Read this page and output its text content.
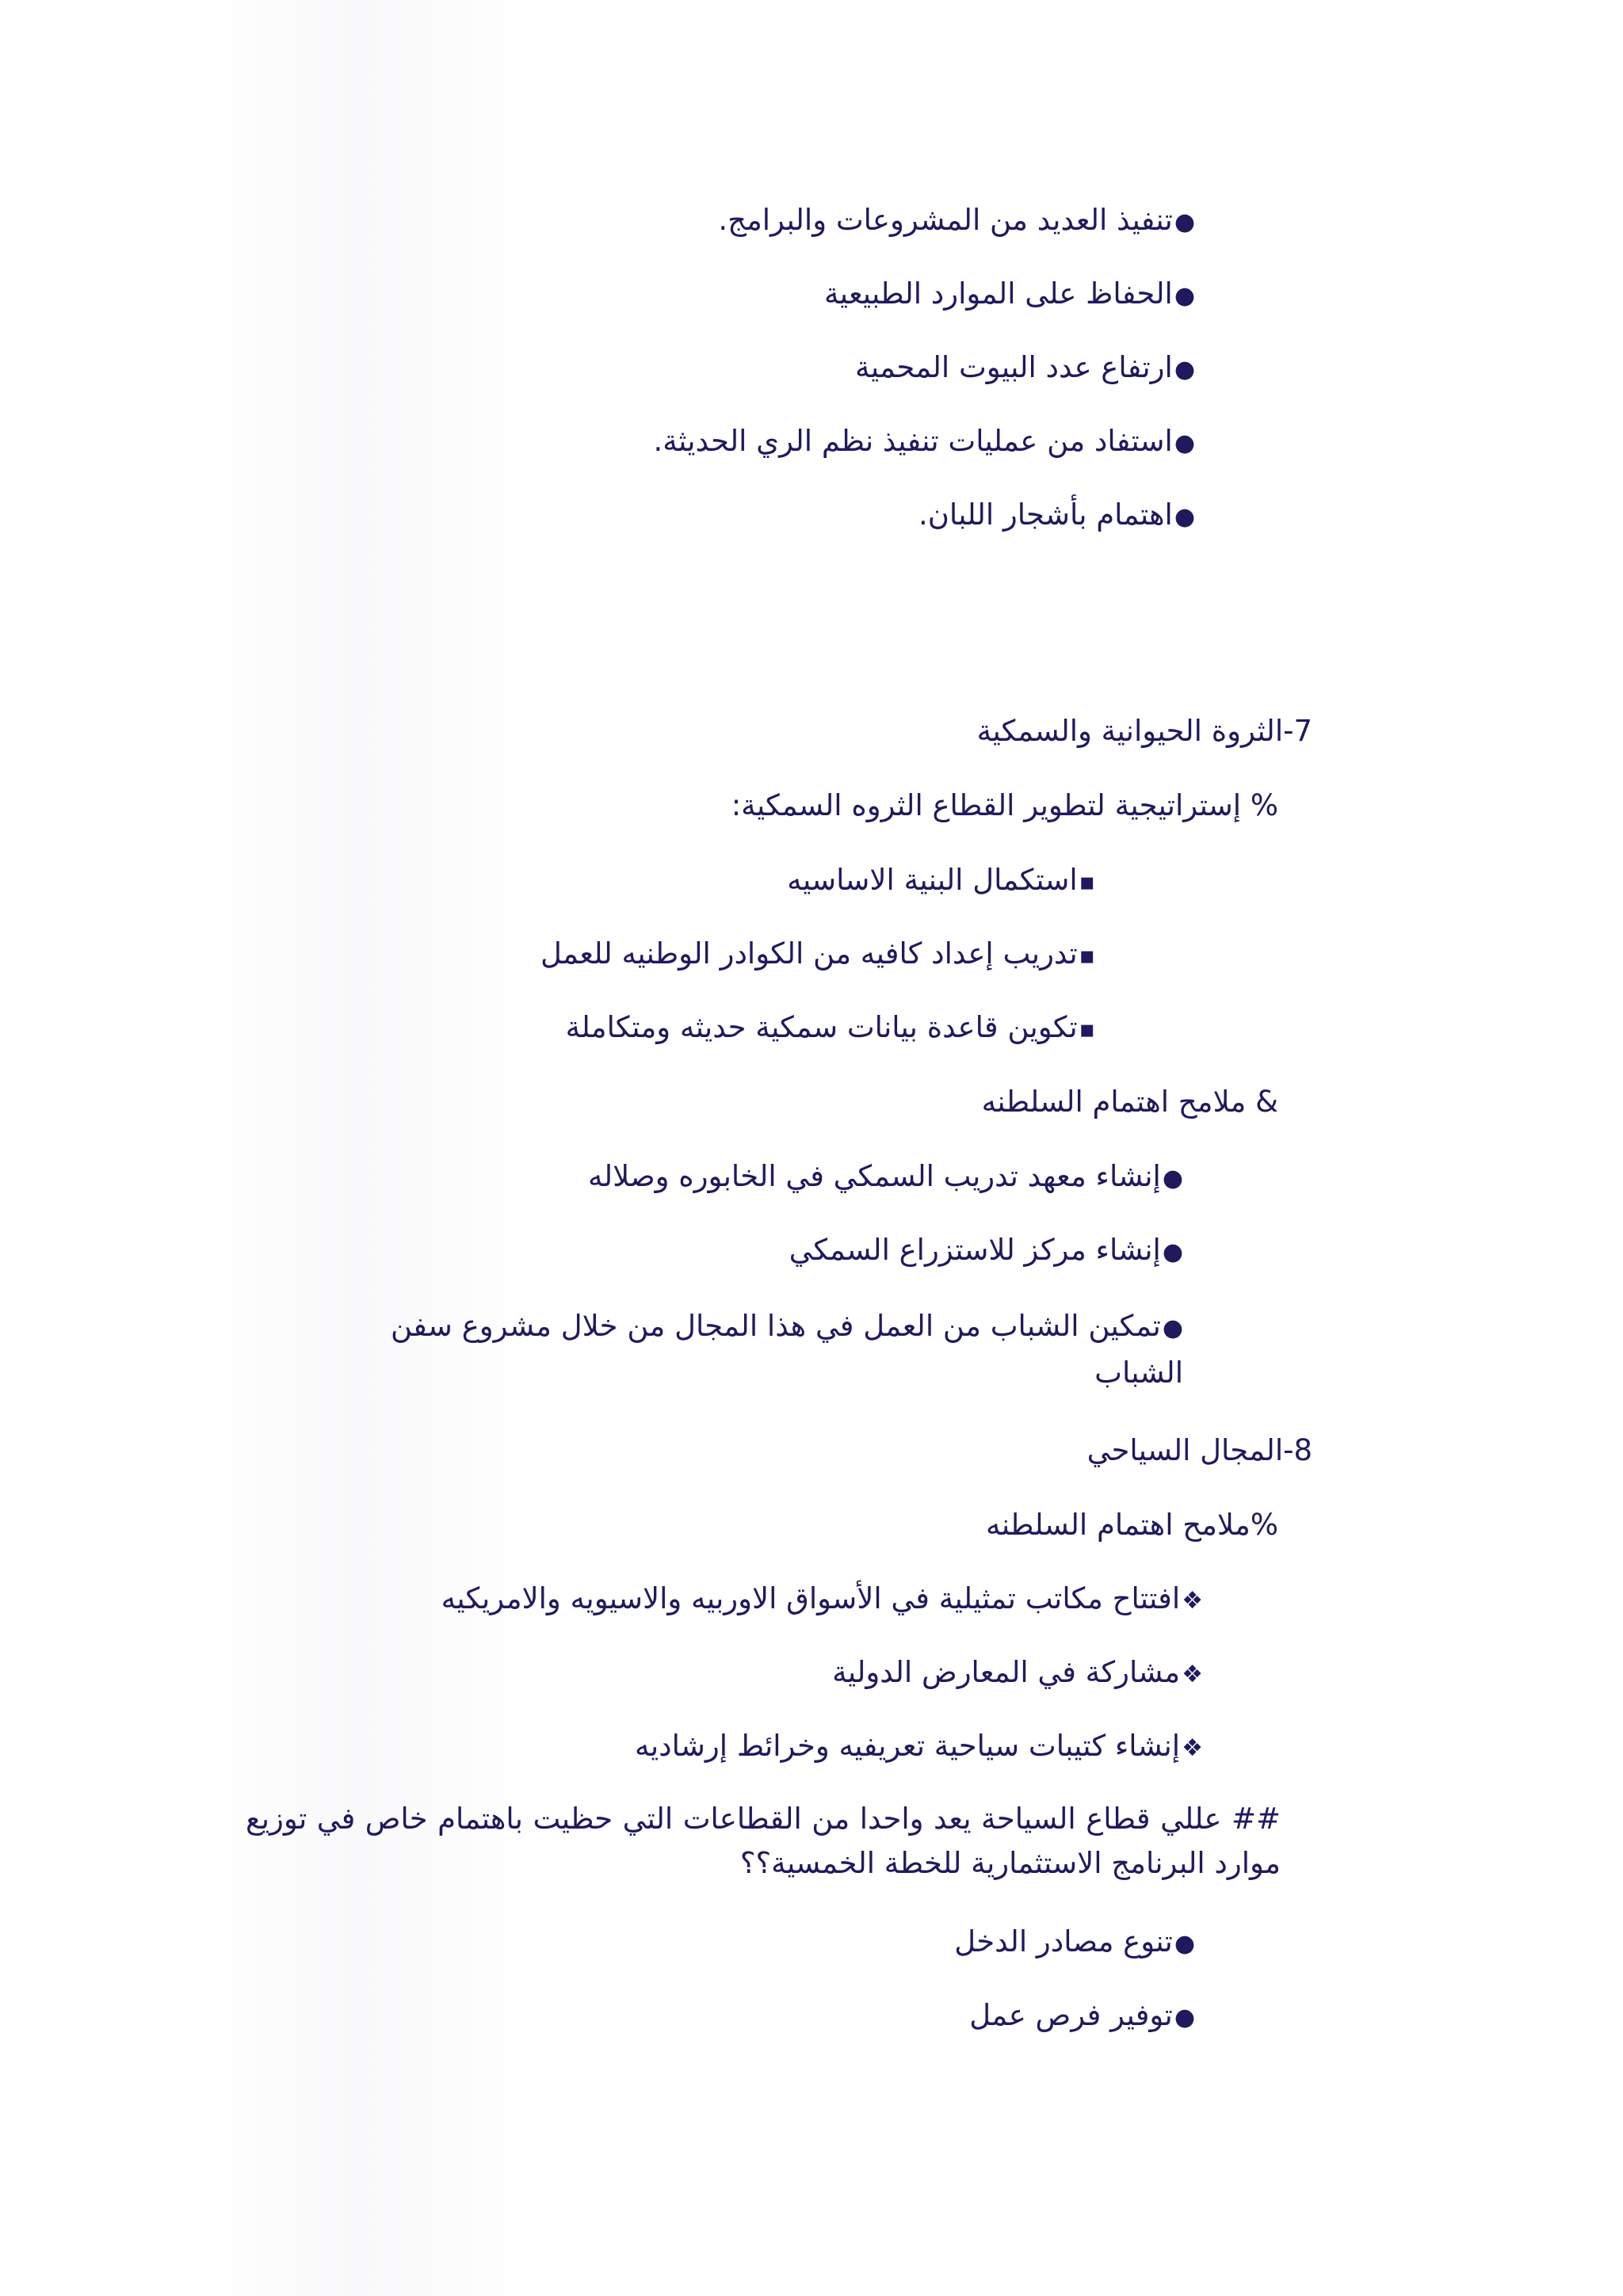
●تنفيذ العديد من المشروعات والبرامج.
●الحفاظ على الموارد الطبيعية
●ارتفاع عدد البيوت المحمية
●استفاد من عمليات تنفيذ نظم الري الحديثة.
●اهتمام بأشجار اللبان.
7-الثروة الحيوانية والسمكية
% إستراتيجية لتطوير القطاع الثروه السمكية:
▪استكمال البنية الاساسيه
▪تدريب إعداد كافيه من الكوادر الوطنيه للعمل
▪تكوين قاعدة بيانات سمكية حديثه ومتكاملة
& ملامح اهتمام السلطنه
●إنشاء معهد تدريب السمكي في الخابوره وصلاله
●إنشاء مركز للاستزراع السمكي
●تمكين الشباب من العمل في هذا المجال من خلال مشروع سفن الشباب
8-المجال السياحي
%ملامح اهتمام السلطنه
❖افتتاح مكاتب تمثيلية في الأسواق الاوربيه والاسيويه والامريكيه
❖مشاركة في المعارض الدولية
❖إنشاء كتيبات سياحية تعريفيه وخرائط إرشاديه
## عللي قطاع السياحة يعد واحدا من القطاعات التي حظيت باهتمام خاص في توزيع موارد البرنامج الاستثمارية للخطة الخمسية؟؟
●تنوع مصادر الدخل
●توفير فرص عمل
